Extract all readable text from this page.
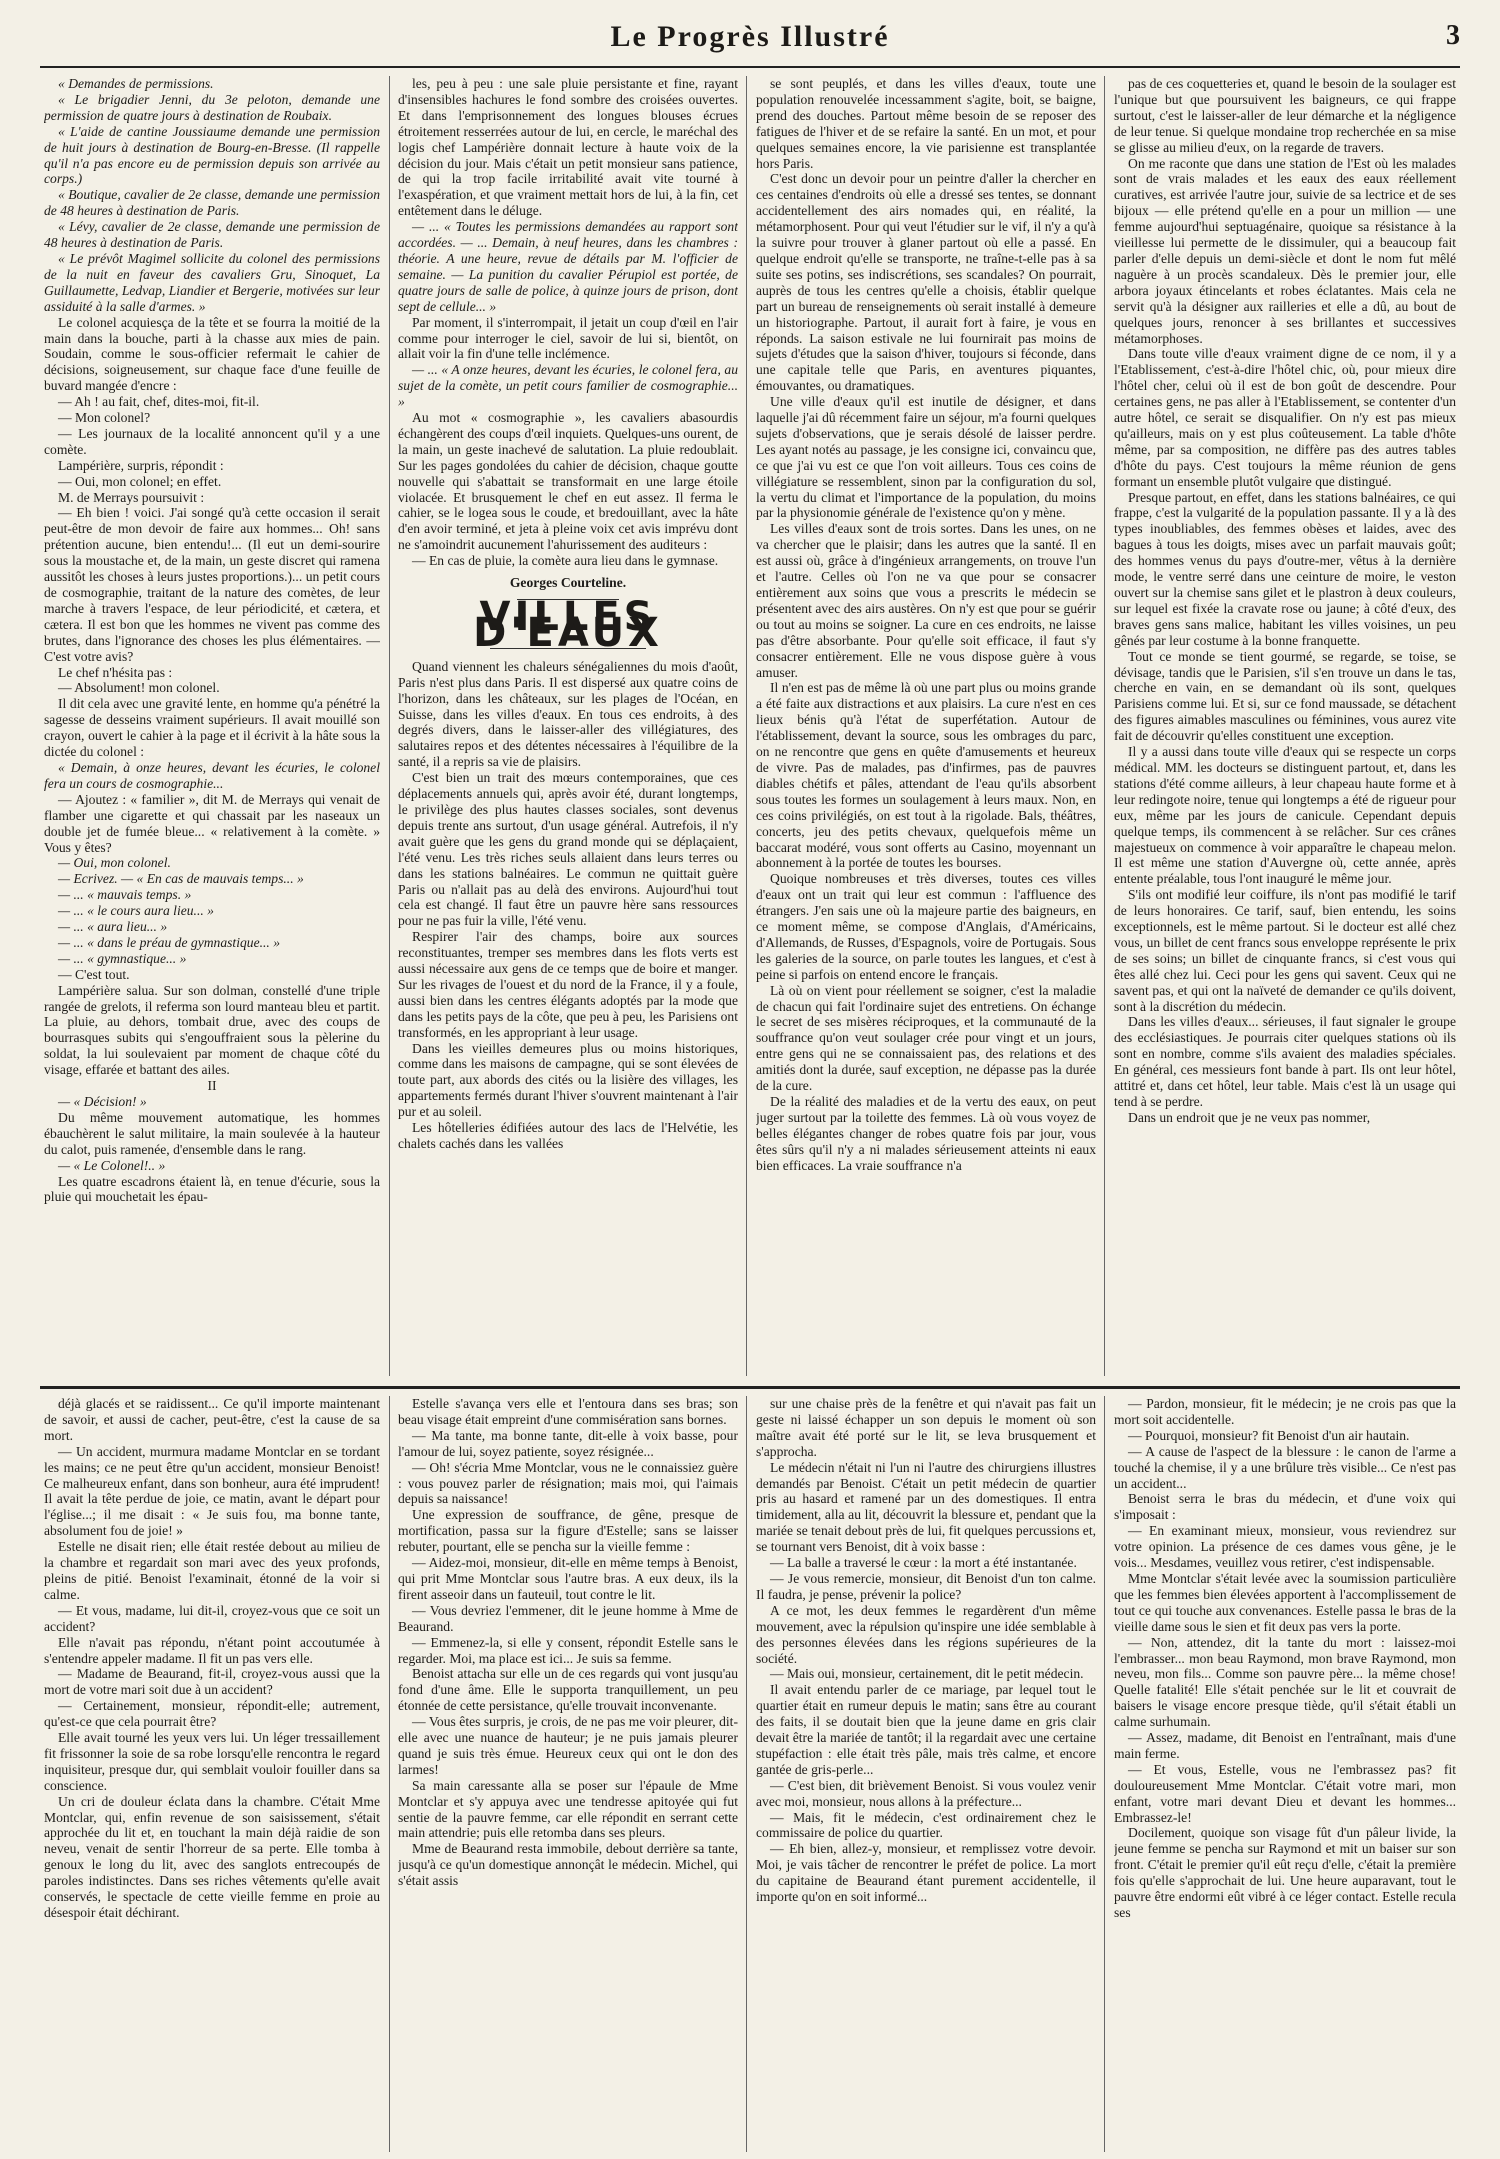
Le Progrès Illustré	3

« Demandes de permissions.

« Le brigadier Jenni, du 3e peloton, demande une permission de quatre jours à destination de Roubaix.

« L'aide de cantine Joussiaume demande une permission de huit jours à destination de Bourg-en-Bresse. (Il rappelle qu'il n'a pas encore eu de permission depuis son arrivée au corps.)

« Boutique, cavalier de 2e classe, demande une permission de 48 heures à destination de Paris.

« Lévy, cavalier de 2e classe, demande une permission de 48 heures à destination de Paris.

« Le prévôt Magimel sollicite du colonel des permissions de la nuit en faveur des cavaliers Gru, Sinoquet, La Guillaumette, Ledvap, Liandier et Bergerie, motivées sur leur assiduité à la salle d'armes. »

Le colonel acquiesça de la tête et se fourra la moitié de la main dans la bouche, parti à la chasse aux mies de pain. Soudain, comme le sous-officier refermait le cahier de décisions, soigneusement, sur chaque face d'une feuille de buvard mangée d'encre :

— Ah ! au fait, chef, dites-moi, fit-il.

— Mon colonel?

— Les journaux de la localité annoncent qu'il y a une comète.

Lampérière, surpris, répondit :

— Oui, mon colonel; en effet.

M. de Merrays poursuivit :

— Eh bien ! voici. J'ai songé qu'à cette occasion il serait peut-être de mon devoir de faire aux hommes... Oh! sans prétention aucune, bien entendu!... (Il eut un demi-sourire sous la moustache et, de la main, un geste discret qui ramena aussitôt les choses à leurs justes proportions.)... un petit cours de cosmographie, traitant de la nature des comètes, de leur marche à travers l'espace, de leur périodicité, et cætera, et cætera. Il est bon que les hommes ne vivent pas comme des brutes, dans l'ignorance des choses les plus élémentaires. — C'est votre avis?

Le chef n'hésita pas :

— Absolument! mon colonel.

Il dit cela avec une gravité lente, en homme qu'a pénétré la sagesse de desseins vraiment supérieurs. Il avait mouillé son crayon, ouvert le cahier à la page et il écrivit à la hâte sous la dictée du colonel :

« Demain, à onze heures, devant les écuries, le colonel fera un cours de cosmographie...

— Ajoutez : « familier », dit M. de Merrays qui venait de flamber une cigarette et qui chassait par les naseaux un double jet de fumée bleue... « relativement à la comète. » Vous y êtes?

— Oui, mon colonel.

— Ecrivez. — « En cas de mauvais temps... »

— ... « mauvais temps. »

— ... « le cours aura lieu... »

— ... « aura lieu... »

— ... « dans le préau de gymnastique... »

— ... « gymnastique... »

— C'est tout.

Lampérière salua. Sur son dolman, constellé d'une triple rangée de grelots, il referma son lourd manteau bleu et partit. La pluie, au dehors, tombait drue, avec des coups de bourrasques subits qui s'engouffraient sous la pèlerine du soldat, la lui soulevaient par moment de chaque côté du visage, effarée et battant des ailes.

II

— « Décision! »

Du même mouvement automatique, les hommes ébauchèrent le salut militaire, la main soulevée à la hauteur du calot, puis ramenée, d'ensemble dans le rang.

— « Le Colonel!.. »

Les quatre escadrons étaient là, en tenue d'écurie, sous la pluie qui mouchetait les épau-

les, peu à peu : une sale pluie persistante et fine, rayant d'insensibles hachures le fond sombre des croisées ouvertes. Et dans l'emprisonnement des longues blouses écrues étroitement resserrées autour de lui, en cercle, le maréchal des logis chef Lampérière donnait lecture à haute voix de la décision du jour. Mais c'était un petit monsieur sans patience, de qui la trop facile irritabilité avait vite tourné à l'exaspération, et que vraiment mettait hors de lui, à la fin, cet entêtement dans le déluge.

— ... « Toutes les permissions demandées au rapport sont accordées. — ... Demain, à neuf heures, dans les chambres : théorie. A une heure, revue de détails par M. l'officier de semaine. — La punition du cavalier Pérupiol est portée, de quatre jours de salle de police, à quinze jours de prison, dont sept de cellule... »

Par moment, il s'interrompait, il jetait un coup d'œil en l'air comme pour interroger le ciel, savoir de lui si, bientôt, on allait voir la fin d'une telle inclémence.

— ... « A onze heures, devant les écuries, le colonel fera, au sujet de la comète, un petit cours familier de cosmographie... »

Au mot « cosmographie », les cavaliers abasourdis échangèrent des coups d'œil inquiets. Quelques-uns ourent, de la main, un geste inachevé de salutation. La pluie redoublait. Sur les pages gondolées du cahier de décision, chaque goutte nouvelle qui s'abattait se transformait en une large étoile violacée. Et brusquement le chef en eut assez. Il ferma le cahier, se le logea sous le coude, et bredouillant, avec la hâte d'en avoir terminé, et jeta à pleine voix cet avis imprévu dont ne s'amoindrit aucunement l'ahurissement des auditeurs :

— En cas de pluie, la comète aura lieu dans le gymnase.

Georges Courteline.

VILLES D'EAUX

Quand viennent les chaleurs sénégaliennes du mois d'août, Paris n'est plus dans Paris. Il est dispersé aux quatre coins de l'horizon, dans les châteaux, sur les plages de l'Océan, en Suisse, dans les villes d'eaux. En tous ces endroits, à des degrés divers, dans le laisser-aller des villégiatures, des salutaires repos et des détentes nécessaires à l'équilibre de la santé, il a repris sa vie de plaisirs.

C'est bien un trait des mœurs contemporaines, que ces déplacements annuels qui, après avoir été, durant longtemps, le privilège des plus hautes classes sociales, sont devenus depuis trente ans surtout, d'un usage général. Autrefois, il n'y avait guère que les gens du grand monde qui se déplaçaient, l'été venu. Les très riches seuls allaient dans leurs terres ou dans les stations balnéaires. Le commun ne quittait guère Paris ou n'allait pas au delà des environs. Aujourd'hui tout cela est changé. Il faut être un pauvre hère sans ressources pour ne pas fuir la ville, l'été venu.

Respirer l'air des champs, boire aux sources reconstituantes, tremper ses membres dans les flots verts est aussi nécessaire aux gens de ce temps que de boire et manger. Sur les rivages de l'ouest et du nord de la France, il y a foule, aussi bien dans les centres élégants adoptés par la mode que dans les petits pays de la côte, que peu à peu, les Parisiens ont transformés, en les appropriant à leur usage.

Dans les vieilles demeures plus ou moins historiques, comme dans les maisons de campagne, qui se sont élevées de toute part, aux abords des cités ou la lisière des villages, les appartements fermés durant l'hiver s'ouvrent maintenant à l'air pur et au soleil.

Les hôtelleries édifiées autour des lacs de l'Helvétie, les chalets cachés dans les vallées

se sont peuplés, et dans les villes d'eaux, toute une population renouvelée incessamment s'agite, boit, se baigne, prend des douches. Partout même besoin de se reposer des fatigues de l'hiver et de se refaire la santé. En un mot, et pour quelques semaines encore, la vie parisienne est transplantée hors Paris.

C'est donc un devoir pour un peintre d'aller la chercher en ces centaines d'endroits où elle a dressé ses tentes, se donnant accidentellement des airs nomades qui, en réalité, la métamorphosent. Pour qui veut l'étudier sur le vif, il n'y a qu'à la suivre pour trouver à glaner partout où elle a passé. En quelque endroit qu'elle se transporte, ne traîne-t-elle pas à sa suite ses potins, ses indiscrétions, ses scandales? On pourrait, auprès de tous les centres qu'elle a choisis, établir quelque part un bureau de renseignements où serait installé à demeure un historiographe. Partout, il aurait fort à faire, je vous en réponds. La saison estivale ne lui fournirait pas moins de sujets d'études que la saison d'hiver, toujours si féconde, dans une capitale telle que Paris, en aventures piquantes, émouvantes, ou dramatiques.

Une ville d'eaux qu'il est inutile de désigner, et dans laquelle j'ai dû récemment faire un séjour, m'a fourni quelques sujets d'observations, que je serais désolé de laisser perdre. Les ayant notés au passage, je les consigne ici, convaincu que, ce que j'ai vu est ce que l'on voit ailleurs. Tous ces coins de villégiature se ressemblent, sinon par la configuration du sol, la vertu du climat et l'importance de la population, du moins par la physionomie générale de l'existence qu'on y mène.

Les villes d'eaux sont de trois sortes. Dans les unes, on ne va chercher que le plaisir; dans les autres que la santé. Il en est aussi où, grâce à d'ingénieux arrangements, on trouve l'un et l'autre. Celles où l'on ne va que pour se consacrer entièrement aux soins que vous a prescrits le médecin se présentent avec des airs austères. On n'y est que pour se guérir ou tout au moins se soigner. La cure en ces endroits, ne laisse pas d'être absorbante. Pour qu'elle soit efficace, il faut s'y consacrer entièrement. Elle ne vous dispose guère à vous amuser.

Il n'en est pas de même là où une part plus ou moins grande a été faite aux distractions et aux plaisirs. La cure n'est en ces lieux bénis qu'à l'état de superfétation. Autour de l'établissement, devant la source, sous les ombrages du parc, on ne rencontre que gens en quête d'amusements et heureux de vivre. Pas de malades, pas d'infirmes, pas de pauvres diables chétifs et pâles, attendant de l'eau qu'ils absorbent sous toutes les formes un soulagement à leurs maux. Non, en ces coins privilégiés, on est tout à la rigolade. Bals, théâtres, concerts, jeu des petits chevaux, quelquefois même un baccarat modéré, vous sont offerts au Casino, moyennant un abonnement à la portée de toutes les bourses.

Quoique nombreuses et très diverses, toutes ces villes d'eaux ont un trait qui leur est commun : l'affluence des étrangers. J'en sais une où la majeure partie des baigneurs, en ce moment même, se compose d'Anglais, d'Américains, d'Allemands, de Russes, d'Espagnols, voire de Portugais. Sous les galeries de la source, on parle toutes les langues, et c'est à peine si parfois on entend encore le français.

Là où on vient pour réellement se soigner, c'est la maladie de chacun qui fait l'ordinaire sujet des entretiens. On échange le secret de ses misères réciproques, et la communauté de la souffrance qu'on veut soulager crée pour vingt et un jours, entre gens qui ne se connaissaient pas, des relations et des amitiés dont la durée, sauf exception, ne dépasse pas la durée de la cure.

De la réalité des maladies et de la vertu des eaux, on peut juger surtout par la toilette des femmes. Là où vous voyez de belles élégantes changer de robes quatre fois par jour, vous êtes sûrs qu'il n'y a ni malades sérieusement atteints ni eaux bien efficaces. La vraie souffrance n'a

pas de ces coquetteries et, quand le besoin de la soulager est l'unique but que poursuivent les baigneurs, ce qui frappe surtout, c'est le laisser-aller de leur démarche et la négligence de leur tenue. Si quelque mondaine trop recherchée en sa mise se glisse au milieu d'eux, on la regarde de travers.

On me raconte que dans une station de l'Est où les malades sont de vrais malades et les eaux des eaux réellement curatives, est arrivée l'autre jour, suivie de sa lectrice et de ses bijoux — elle prétend qu'elle en a pour un million — une femme aujourd'hui septuagénaire, quoique sa résistance à la vieillesse lui permette de le dissimuler, qui a beaucoup fait parler d'elle depuis un demi-siècle et dont le nom fut mêlé naguère à un procès scandaleux. Dès le premier jour, elle arbora joyaux étincelants et robes éclatantes. Mais cela ne servit qu'à la désigner aux railleries et elle a dû, au bout de quelques jours, renoncer à ses brillantes et successives métamorphoses.

Dans toute ville d'eaux vraiment digne de ce nom, il y a l'Etablissement, c'est-à-dire l'hôtel chic, où, pour mieux dire l'hôtel cher, celui où il est de bon goût de descendre. Pour certaines gens, ne pas aller à l'Etablissement, se contenter d'un autre hôtel, ce serait se disqualifier. On n'y est pas mieux qu'ailleurs, mais on y est plus coûteusement. La table d'hôte même, par sa composition, ne diffère pas des autres tables d'hôte du pays. C'est toujours la même réunion de gens formant un ensemble plutôt vulgaire que distingué.

Presque partout, en effet, dans les stations balnéaires, ce qui frappe, c'est la vulgarité de la population passante. Il y a là des types inoubliables, des femmes obèses et laides, avec des bagues à tous les doigts, mises avec un parfait mauvais goût; des hommes venus du pays d'outre-mer, vêtus à la dernière mode, le ventre serré dans une ceinture de moire, le veston ouvert sur la chemise sans gilet et le plastron à deux couleurs, sur lequel est fixée la cravate rose ou jaune; à côté d'eux, des braves gens sans malice, habitant les villes voisines, un peu gênés par leur costume à la bonne franquette.

Tout ce monde se tient gourmé, se regarde, se toise, se dévisage, tandis que le Parisien, s'il s'en trouve un dans le tas, cherche en vain, en se demandant où ils sont, quelques Parisiens comme lui. Et si, sur ce fond maussade, se détachent des figures aimables masculines ou féminines, vous aurez vite fait de découvrir qu'elles constituent une exception.

Il y a aussi dans toute ville d'eaux qui se respecte un corps médical. MM. les docteurs se distinguent partout, et, dans les stations d'été comme ailleurs, à leur chapeau haute forme et à leur redingote noire, tenue qui longtemps a été de rigueur pour eux, même par les jours de canicule. Cependant depuis quelque temps, ils commencent à se relâcher. Sur ces crânes majestueux on commence à voir apparaître le chapeau melon. Il est même une station d'Auvergne où, cette année, après entente préalable, tous l'ont inauguré le même jour.

S'ils ont modifié leur coiffure, ils n'ont pas modifié le tarif de leurs honoraires. Ce tarif, sauf, bien entendu, les soins exceptionnels, est le même partout. Si le docteur est allé chez vous, un billet de cent francs sous enveloppe représente le prix de ses soins; un billet de cinquante francs, si c'est vous qui êtes allé chez lui. Ceci pour les gens qui savent. Ceux qui ne savent pas, et qui ont la naïveté de demander ce qu'ils doivent, sont à la discrétion du médecin.

Dans les villes d'eaux... sérieuses, il faut signaler le groupe des ecclésiastiques. Je pourrais citer quelques stations où ils sont en nombre, comme s'ils avaient des maladies spéciales. En général, ces messieurs font bande à part. Ils ont leur hôtel, attitré et, dans cet hôtel, leur table. Mais c'est là un usage qui tend à se perdre.

Dans un endroit que je ne veux pas nommer,

déjà glacés et se raidissent... Ce qu'il importe maintenant de savoir, et aussi de cacher, peut-être, c'est la cause de sa mort.

— Un accident, murmura madame Montclar en se tordant les mains; ce ne peut être qu'un accident, monsieur Benoist! Ce malheureux enfant, dans son bonheur, aura été imprudent! Il avait la tête perdue de joie, ce matin, avant le départ pour l'église...; il me disait : « Je suis fou, ma bonne tante, absolument fou de joie! »

Estelle ne disait rien; elle était restée debout au milieu de la chambre et regardait son mari avec des yeux profonds, pleins de pitié. Benoist l'examinait, étonné de la voir si calme.

— Et vous, madame, lui dit-il, croyez-vous que ce soit un accident?

Elle n'avait pas répondu, n'étant point accoutumée à s'entendre appeler madame. Il fit un pas vers elle.

— Madame de Beaurand, fit-il, croyez-vous aussi que la mort de votre mari soit due à un accident?

— Certainement, monsieur, répondit-elle; autrement, qu'est-ce que cela pourrait être?

Elle avait tourné les yeux vers lui. Un léger tressaillement fit frissonner la soie de sa robe lorsqu'elle rencontra le regard inquisiteur, presque dur, qui semblait vouloir fouiller dans sa conscience.

Un cri de douleur éclata dans la chambre. C'était Mme Montclar, qui, enfin revenue de son saisissement, s'était approchée du lit et, en touchant la main déjà raidie de son neveu, venait de sentir l'horreur de sa perte. Elle tomba à genoux le long du lit, avec des sanglots entrecoupés de paroles indistinctes. Dans ses riches vêtements qu'elle avait conservés, le spectacle de cette vieille femme en proie au désespoir était déchirant.

Estelle s'avança vers elle et l'entoura dans ses bras; son beau visage était empreint d'une commisération sans bornes.

— Ma tante, ma bonne tante, dit-elle à voix basse, pour l'amour de lui, soyez patiente, soyez résignée...

— Oh! s'écria Mme Montclar, vous ne le connaissiez guère : vous pouvez parler de résignation; mais moi, qui l'aimais depuis sa naissance!

Une expression de souffrance, de gêne, presque de mortification, passa sur la figure d'Estelle; sans se laisser rebuter, pourtant, elle se pencha sur la vieille femme :

— Aidez-moi, monsieur, dit-elle en même temps à Benoist, qui prit Mme Montclar sous l'autre bras. A eux deux, ils la firent asseoir dans un fauteuil, tout contre le lit.

— Vous devriez l'emmener, dit le jeune homme à Mme de Beaurand.

— Emmenez-la, si elle y consent, répondit Estelle sans le regarder. Moi, ma place est ici... Je suis sa femme.

Benoist attacha sur elle un de ces regards qui vont jusqu'au fond d'une âme. Elle le supporta tranquillement, un peu étonnée de cette persistance, qu'elle trouvait inconvenante.

— Vous êtes surpris, je crois, de ne pas me voir pleurer, dit-elle avec une nuance de hauteur; je ne puis jamais pleurer quand je suis très émue. Heureux ceux qui ont le don des larmes!

Sa main caressante alla se poser sur l'épaule de Mme Montclar et s'y appuya avec une tendresse apitoyée qui fut sentie de la pauvre femme, car elle répondit en serrant cette main attendrie; puis elle retomba dans ses pleurs.

Mme de Beaurand resta immobile, debout derrière sa tante, jusqu'à ce qu'un domestique annonçât le médecin. Michel, qui s'était assis

sur une chaise près de la fenêtre et qui n'avait pas fait un geste ni laissé échapper un son depuis le moment où son maître avait été porté sur le lit, se leva brusquement et s'approcha.

Le médecin n'était ni l'un ni l'autre des chirurgiens illustres demandés par Benoist. C'était un petit médecin de quartier pris au hasard et ramené par un des domestiques. Il entra timidement, alla au lit, découvrit la blessure et, pendant que la mariée se tenait debout près de lui, fit quelques percussions et, se tournant vers Benoist, dit à voix basse :

— La balle a traversé le cœur : la mort a été instantanée.

— Je vous remercie, monsieur, dit Benoist d'un ton calme. Il faudra, je pense, prévenir la police?

A ce mot, les deux femmes le regardèrent d'un même mouvement, avec la répulsion qu'inspire une idée semblable à des personnes élevées dans les régions supérieures de la société.

— Mais oui, monsieur, certainement, dit le petit médecin.

Il avait entendu parler de ce mariage, par lequel tout le quartier était en rumeur depuis le matin; sans être au courant des faits, il se doutait bien que la jeune dame en gris clair devait être la mariée de tantôt; il la regardait avec une certaine stupéfaction : elle était très pâle, mais très calme, et encore gantée de gris-perle...

— C'est bien, dit brièvement Benoist. Si vous voulez venir avec moi, monsieur, nous allons à la préfecture...

— Mais, fit le médecin, c'est ordinairement chez le commissaire de police du quartier.

— Eh bien, allez-y, monsieur, et remplissez votre devoir. Moi, je vais tâcher de rencontrer le préfet de police. La mort du capitaine de Beaurand étant purement accidentelle, il importe qu'on en soit informé...

— Pardon, monsieur, fit le médecin; je ne crois pas que la mort soit accidentelle.

— Pourquoi, monsieur? fit Benoist d'un air hautain.

— A cause de l'aspect de la blessure : le canon de l'arme a touché la chemise, il y a une brûlure très visible... Ce n'est pas un accident...

Benoist serra le bras du médecin, et d'une voix qui s'imposait :

— En examinant mieux, monsieur, vous reviendrez sur votre opinion. La présence de ces dames vous gêne, je le vois... Mesdames, veuillez vous retirer, c'est indispensable.

Mme Montclar s'était levée avec la soumission particulière que les femmes bien élevées apportent à l'accomplissement de tout ce qui touche aux convenances. Estelle passa le bras de la vieille dame sous le sien et fit deux pas vers la porte.

— Non, attendez, dit la tante du mort : laissez-moi l'embrasser... mon beau Raymond, mon brave Raymond, mon neveu, mon fils... Comme son pauvre père... la même chose! Quelle fatalité! Elle s'était penchée sur le lit et couvrait de baisers le visage encore presque tiède, qu'il s'était établi un calme surhumain.

— Assez, madame, dit Benoist en l'entraînant, mais d'une main ferme.

— Et vous, Estelle, vous ne l'embrassez pas? fit douloureusement Mme Montclar. C'était votre mari, mon enfant, votre mari devant Dieu et devant les hommes... Embrassez-le!

Docilement, quoique son visage fût d'un pâleur livide, la jeune femme se pencha sur Raymond et mit un baiser sur son front. C'était le premier qu'il eût reçu d'elle, c'était la première fois qu'elle s'approchait de lui. Une heure auparavant, tout le pauvre être endormi eût vibré à ce léger contact. Estelle recula ses
